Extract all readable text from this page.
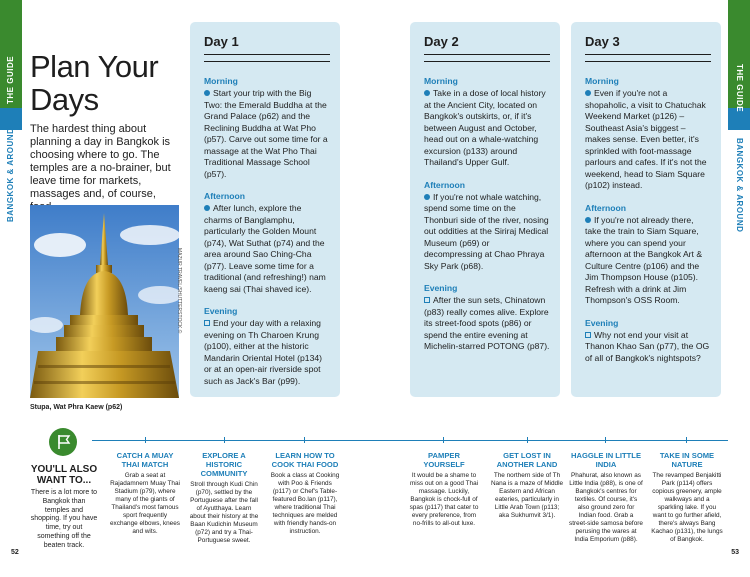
THE GUIDE
BANGKOK & AROUND
THE GUIDE
BANGKOK & AROUND
Plan Your
Days

The hardest thing about planning a day in Bangkok is choosing where to go. The temples are a no-brainer, but leave time for markets, massages and, of course,

MAZUR TRAVEL/SHUTTERSTOCK ©
Stupa, Wat Phra Kaew (p62)
Day 1
Morning

Start your trip with the Big Two: the Emerald Buddha at the Grand Palace (p62) and the Reclining Buddha at Wat Pho (p57). Carve out some time for a massage at the Wat Pho Thai Traditional Massage School (p57).

Afternoon

After lunch, explore the charms of Banglamphu, particularly the Golden Mount (p74), Wat Suthat (p74) and the area around Sao Ching-Cha (p77). Leave some time for a traditional (and refreshing!) nam kaeng sai (Thai shaved ice).

Evening

End your day with a relaxing evening on Th Charoen Krung (p100), either at the historic Mandarin Oriental Hotel (p134) or at an open-air riverside spot such as Jack's Bar (p99).

Day 2
Morning

Take in a dose of local history at the Ancient City, located on Bangkok's outskirts, or, if it's between August and October, head out on a whale-watching excursion (p133) around Thailand's Upper Gulf.

Afternoon

If you're not whale watching, spend some time on the Thonburi side of the river, nosing out oddities at the Siriraj Medical Museum (p69) or decompressing at Chao Phraya Sky Park (p68).

Evening

After the sun sets, Chinatown (p83) really comes alive. Explore its street-food spots (p86) or spend the entire evening at Michelin-starred POTONG (p87).

Day 3
Morning

Even if you're not a shopaholic, a visit to Chatuchak Weekend Market (p126) – Southeast Asia's biggest – makes sense. Even better, it's sprinkled with foot-massage parlours and cafes. If it's not the weekend, head to Siam Square (p102) instead.

Afternoon

If you're not already there, take the train to Siam Square, where you can spend your afternoon at the Bangkok Art & Culture Centre (p106) and the Jim Thompson House (p105). Refresh with a drink at Jim Thompson's OSS Room.

Evening

Why not end your visit at Thanon Khao San (p77), the OG of all of Bangkok's nightspots?

YOU'LL ALSO WANT TO...
There is a lot more to Bangkok than temples and shopping. If you have time, try out something off the beaten track.
CATCH A MUAY THAI MATCH
Grab a seat at Rajadamnern Muay Thai Stadium (p79), where many of the giants of Thailand's most famous sport frequently exchange elbows, knees and wits.
EXPLORE A HISTORIC COMMUNITY
Stroll through Kudi Chin (p70), settled by the Portuguese after the fall of Ayutthaya. Learn about their history at the Baan Kudichin Museum (p72) and try a Thai-Portuguese sweet.
LEARN HOW TO COOK THAI FOOD
Book a class at Cooking with Poo & Friends (p117) or Chef's Table-featured Bo.lan (p117), where traditional Thai techniques are melded with friendly hands-on instruction.
PAMPER YOURSELF
It would be a shame to miss out on a good Thai massage. Luckily, Bangkok is chock-full of spas (p117) that cater to every preference, from no-frills to all-out luxe.
GET LOST IN ANOTHER LAND
The northern side of Th Nana is a maze of Middle Eastern and African eateries, particularly in Little Arab Town (p113; aka Sukhumvit 3/1).
HAGGLE IN LITTLE INDIA
Phahurat, also known as Little India (p88), is one of Bangkok's centres for textiles. Of course, it's also ground zero for Indian food. Grab a street-side samosa before perusing the wares at India Emporium (p88).
TAKE IN SOME NATURE
The revamped Benjakitti Park (p114) offers copious greenery, ample walkways and a sparkling lake. If you want to go further afield, there's always Bang Kachao (p131), the lungs of Bangkok.
52	53
